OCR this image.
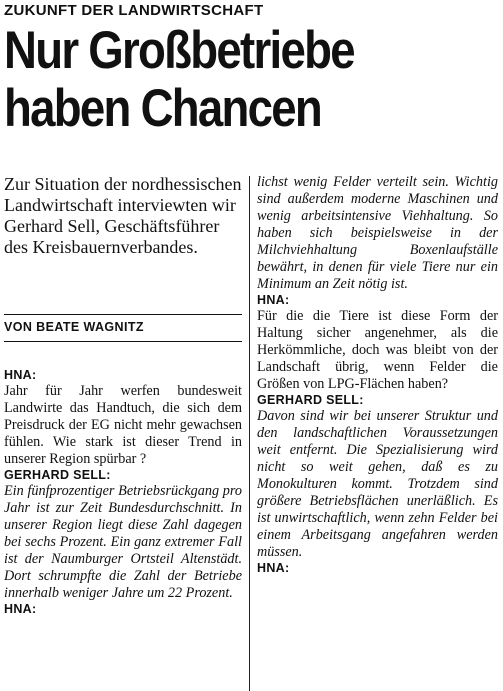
ZUKUNFT DER LANDWIRTSCHAFT
Nur Großbetriebe
haben Chancen

Zur Situation der nordhessischen Landwirtschaft interviewten wir Gerhard Sell, Geschäftsführer des Kreisbauernverbandes.

VON BEATE WAGNITZ

HNA:

Jahr für Jahr werfen bundesweit Landwirte das Handtuch, die sich dem Preisdruck der EG nicht mehr gewachsen fühlen. Wie stark ist dieser Trend in unserer Region spürbar ?

GERHARD SELL:

Ein fünfprozentiger Betriebsrückgang pro Jahr ist zur Zeit Bundesdurchschnitt. In unserer Region liegt diese Zahl dagegen bei sechs Prozent. Ein ganz extremer Fall ist der Naumburger Ortsteil Altenstädt. Dort schrumpfte die Zahl der Betriebe innerhalb weniger Jahre um 22 Prozent.

HNA:

lichst wenig Felder verteilt sein. Wichtig sind außerdem moderne Maschinen und wenig arbeitsintensive Viehhaltung. So haben sich beispielsweise in der Milchviehhaltung Boxenlaufställe bewährt, in denen für viele Tiere nur ein Minimum an Zeit nötig ist.

HNA:

Für die die Tiere ist diese Form der Haltung sicher angenehmer, als die Herkömmliche, doch was bleibt von der Landschaft übrig, wenn Felder die Größen von LPG-Flächen haben?

GERHARD SELL:

Davon sind wir bei unserer Struktur und den landschaftlichen Voraussetzungen weit entfernt. Die Spezialisierung wird nicht so weit gehen, daß es zu Monokulturen kommt. Trotzdem sind größere Betriebsflächen unerläßlich. Es ist unwirtschaftlich, wenn zehn Felder bei einem Arbeitsgang angefahren werden müssen.

HNA:
